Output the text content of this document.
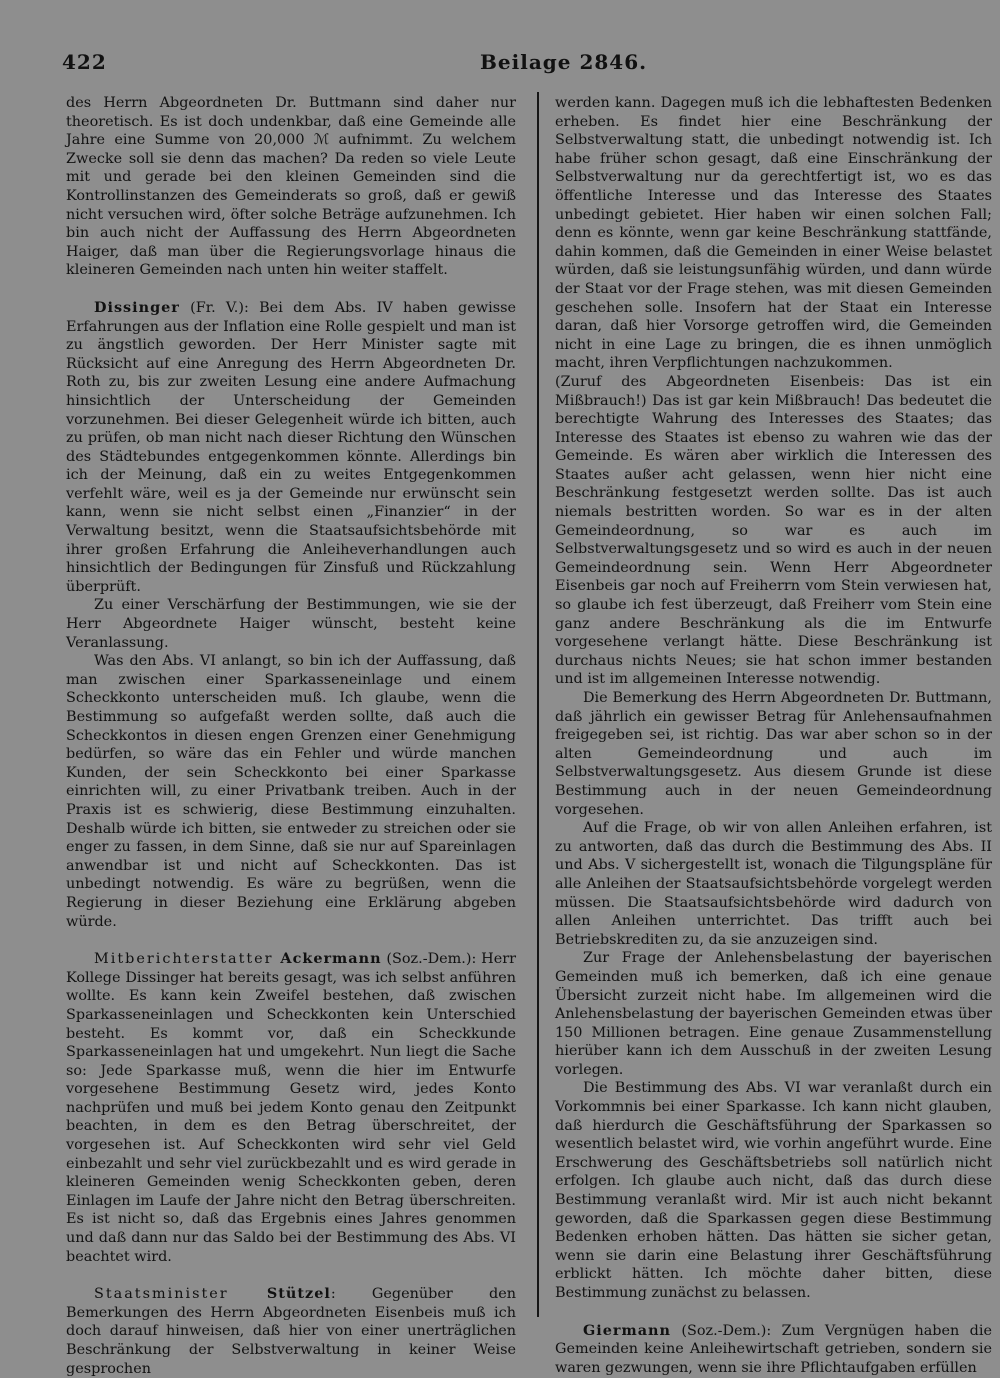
422	Beilage 2846.

des Herrn Abgeordneten Dr. Buttmann sind daher nur theoretisch. Es ist doch undenkbar, daß eine Gemeinde alle Jahre eine Summe von 20,000 ℳ aufnimmt. Zu welchem Zwecke soll sie denn das machen? Da reden so viele Leute mit und gerade bei den kleinen Gemeinden sind die Kontrollinstanzen des Gemeinderats so groß, daß er gewiß nicht versuchen wird, öfter solche Beträge aufzunehmen. Ich bin auch nicht der Auffassung des Herrn Abgeordneten Haiger, daß man über die Regierungsvorlage hinaus die kleineren Gemeinden nach unten hin weiter staffelt.

Dissinger (Fr. V.): Bei dem Abs. IV haben gewisse Erfahrungen aus der Inflation eine Rolle gespielt und man ist zu ängstlich geworden. Der Herr Minister sagte mit Rücksicht auf eine Anregung des Herrn Abgeordneten Dr. Roth zu, bis zur zweiten Lesung eine andere Aufmachung hinsichtlich der Unterscheidung der Gemeinden vorzunehmen. Bei dieser Gelegenheit würde ich bitten, auch zu prüfen, ob man nicht nach dieser Richtung den Wünschen des Städtebundes entgegenkommen könnte. Allerdings bin ich der Meinung, daß ein zu weites Entgegenkommen verfehlt wäre, weil es ja der Gemeinde nur erwünscht sein kann, wenn sie nicht selbst einen „Finanzier“ in der Verwaltung besitzt, wenn die Staatsaufsichtsbehörde mit ihrer großen Erfahrung die Anleiheverhandlungen auch hinsichtlich der Bedingungen für Zinsfuß und Rückzahlung überprüft.

Zu einer Verschärfung der Bestimmungen, wie sie der Herr Abgeordnete Haiger wünscht, besteht keine Veranlassung.

Was den Abs. VI anlangt, so bin ich der Auffassung, daß man zwischen einer Sparkasseneinlage und einem Scheckkonto unterscheiden muß. Ich glaube, wenn die Bestimmung so aufgefaßt werden sollte, daß auch die Scheckkontos in diesen engen Grenzen einer Genehmigung bedürfen, so wäre das ein Fehler und würde manchen Kunden, der sein Scheckkonto bei einer Sparkasse einrichten will, zu einer Privatbank treiben. Auch in der Praxis ist es schwierig, diese Bestimmung einzuhalten. Deshalb würde ich bitten, sie entweder zu streichen oder sie enger zu fassen, in dem Sinne, daß sie nur auf Spareinlagen anwendbar ist und nicht auf Scheckkonten. Das ist unbedingt notwendig. Es wäre zu begrüßen, wenn die Regierung in dieser Beziehung eine Erklärung abgeben würde.

Mitberichterstatter Ackermann (Soz.-Dem.): Herr Kollege Dissinger hat bereits gesagt, was ich selbst anführen wollte. Es kann kein Zweifel bestehen, daß zwischen Sparkasseneinlagen und Scheckkonten kein Unterschied besteht. Es kommt vor, daß ein Scheckkunde Sparkasseneinlagen hat und umgekehrt. Nun liegt die Sache so: Jede Sparkasse muß, wenn die hier im Entwurfe vorgesehene Bestimmung Gesetz wird, jedes Konto nachprüfen und muß bei jedem Konto genau den Zeitpunkt beachten, in dem es den Betrag überschreitet, der vorgesehen ist. Auf Scheckkonten wird sehr viel Geld einbezahlt und sehr viel zurückbezahlt und es wird gerade in kleineren Gemeinden wenig Scheckkonten geben, deren Einlagen im Laufe der Jahre nicht den Betrag überschreiten. Es ist nicht so, daß das Ergebnis eines Jahres genommen und daß dann nur das Saldo bei der Bestimmung des Abs. VI beachtet wird.

Staatsminister Stützel: Gegenüber den Bemerkungen des Herrn Abgeordneten Eisenbeis muß ich doch darauf hinweisen, daß hier von einer unerträglichen Beschränkung der Selbstverwaltung in keiner Weise gesprochen

werden kann. Dagegen muß ich die lebhaftesten Bedenken erheben. Es findet hier eine Beschränkung der Selbstverwaltung statt, die unbedingt notwendig ist. Ich habe früher schon gesagt, daß eine Einschränkung der Selbstverwaltung nur da gerechtfertigt ist, wo es das öffentliche Interesse und das Interesse des Staates unbedingt gebietet. Hier haben wir einen solchen Fall; denn es könnte, wenn gar keine Beschränkung stattfände, dahin kommen, daß die Gemeinden in einer Weise belastet würden, daß sie leistungsunfähig würden, und dann würde der Staat vor der Frage stehen, was mit diesen Gemeinden geschehen solle. Insofern hat der Staat ein Interesse daran, daß hier Vorsorge getroffen wird, die Gemeinden nicht in eine Lage zu bringen, die es ihnen unmöglich macht, ihren Verpflichtungen nachzukommen.

(Zuruf des Abgeordneten Eisenbeis: Das ist ein Mißbrauch!) Das ist gar kein Mißbrauch! Das bedeutet die berechtigte Wahrung des Interesses des Staates; das Interesse des Staates ist ebenso zu wahren wie das der Gemeinde. Es wären aber wirklich die Interessen des Staates außer acht gelassen, wenn hier nicht eine Beschränkung festgesetzt werden sollte. Das ist auch niemals bestritten worden. So war es in der alten Gemeindeordnung, so war es auch im Selbstverwaltungsgesetz und so wird es auch in der neuen Gemeindeordnung sein. Wenn Herr Abgeordneter Eisenbeis gar noch auf Freiherrn vom Stein verwiesen hat, so glaube ich fest überzeugt, daß Freiherr vom Stein eine ganz andere Beschränkung als die im Entwurfe vorgesehene verlangt hätte. Diese Beschränkung ist durchaus nichts Neues; sie hat schon immer bestanden und ist im allgemeinen Interesse notwendig.

Die Bemerkung des Herrn Abgeordneten Dr. Buttmann, daß jährlich ein gewisser Betrag für Anlehensaufnahmen freigegeben sei, ist richtig. Das war aber schon so in der alten Gemeindeordnung und auch im Selbstverwaltungsgesetz. Aus diesem Grunde ist diese Bestimmung auch in der neuen Gemeindeordnung vorgesehen.

Auf die Frage, ob wir von allen Anleihen erfahren, ist zu antworten, daß das durch die Bestimmung des Abs. II und Abs. V sichergestellt ist, wonach die Tilgungspläne für alle Anleihen der Staatsaufsichtsbehörde vorgelegt werden müssen. Die Staatsaufsichtsbehörde wird dadurch von allen Anleihen unterrichtet. Das trifft auch bei Betriebskrediten zu, da sie anzuzeigen sind.

Zur Frage der Anlehensbelastung der bayerischen Gemeinden muß ich bemerken, daß ich eine genaue Übersicht zurzeit nicht habe. Im allgemeinen wird die Anlehensbelastung der bayerischen Gemeinden etwas über 150 Millionen betragen. Eine genaue Zusammenstellung hierüber kann ich dem Ausschuß in der zweiten Lesung vorlegen.

Die Bestimmung des Abs. VI war veranlaßt durch ein Vorkommnis bei einer Sparkasse. Ich kann nicht glauben, daß hierdurch die Geschäftsführung der Sparkassen so wesentlich belastet wird, wie vorhin angeführt wurde. Eine Erschwerung des Geschäftsbetriebs soll natürlich nicht erfolgen. Ich glaube auch nicht, daß das durch diese Bestimmung veranlaßt wird. Mir ist auch nicht bekannt geworden, daß die Sparkassen gegen diese Bestimmung Bedenken erhoben hätten. Das hätten sie sicher getan, wenn sie darin eine Belastung ihrer Geschäftsführung erblickt hätten. Ich möchte daher bitten, diese Bestimmung zunächst zu belassen.

Giermann (Soz.-Dem.): Zum Vergnügen haben die Gemeinden keine Anleihewirtschaft getrieben, sondern sie waren gezwungen, wenn sie ihre Pflichtaufgaben erfüllen
